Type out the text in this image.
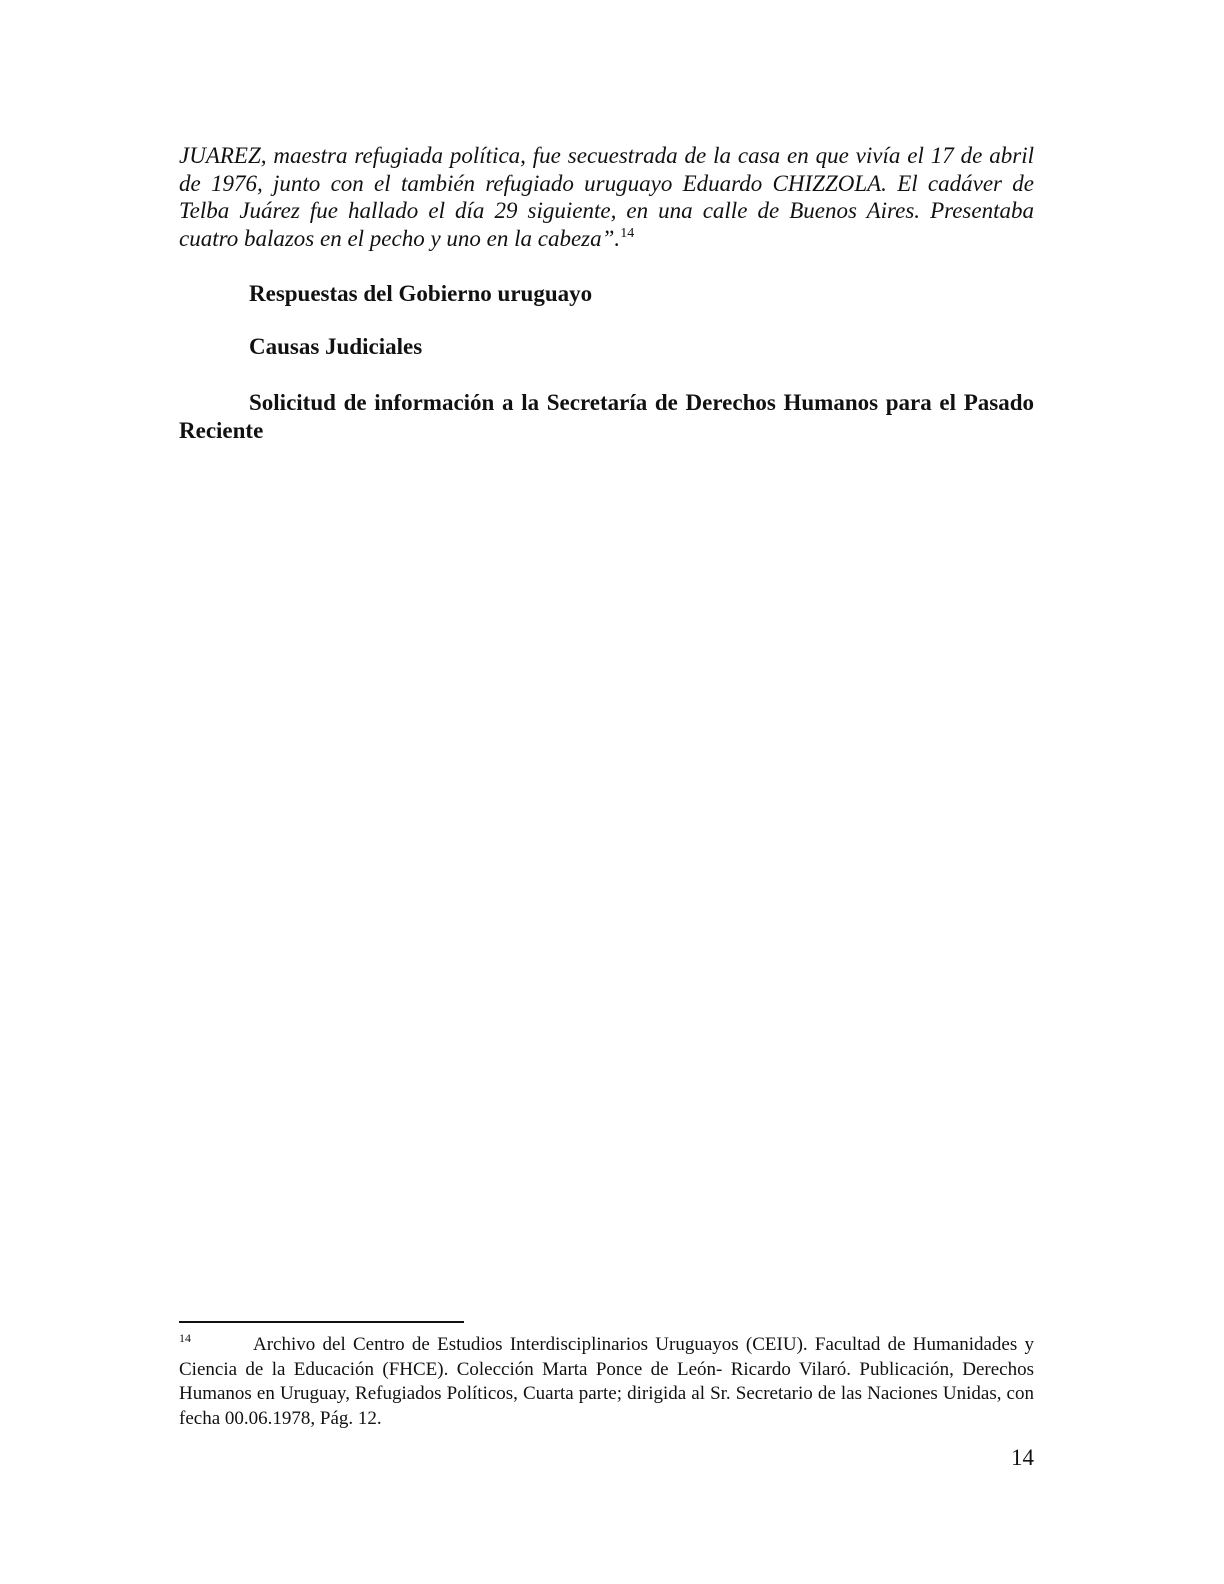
JUAREZ, maestra refugiada política, fue secuestrada de la casa en que vivía el 17 de abril de 1976, junto con el también refugiado uruguayo Eduardo CHIZZOLA. El cadáver de Telba Juárez fue hallado el día 29 siguiente, en una calle de Buenos Aires. Presentaba cuatro balazos en el pecho y uno en la cabeza”.$^{14}$

Respuestas del Gobierno uruguayo
Causas Judiciales
Solicitud de información a la Secretaría de Derechos Humanos para el Pasado Reciente
14	Archivo del Centro de Estudios Interdisciplinarios Uruguayos (CEIU). Facultad de Humanidades y Ciencia de la Educación (FHCE). Colección Marta Ponce de León- Ricardo Vilaró. Publicación, Derechos Humanos en Uruguay, Refugiados Políticos, Cuarta parte; dirigida al Sr. Secretario de las Naciones Unidas, con fecha 00.06.1978, Pág. 12.
14
